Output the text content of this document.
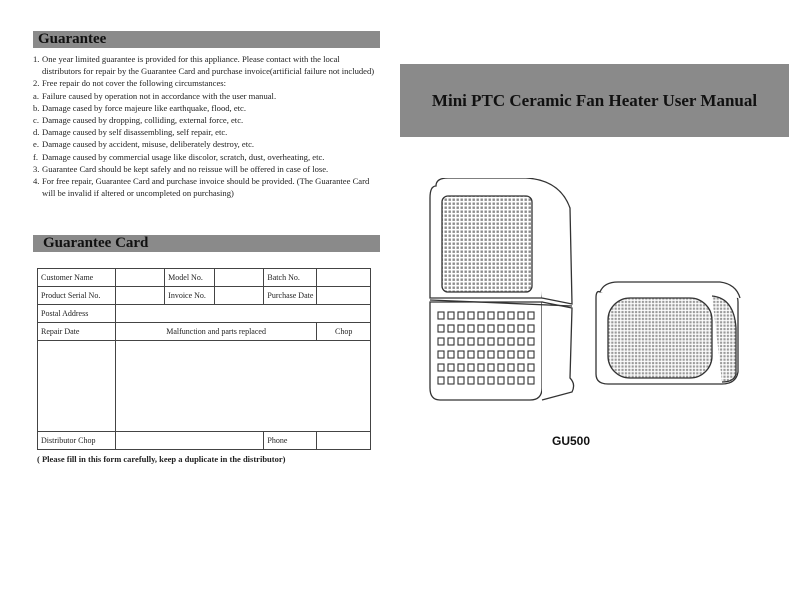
Guarantee
1. One year limited guarantee is provided for this appliance. Please contact with the local distributors for repair by the Guarantee Card and purchase invoice(artificial failure not included)
2. Free repair do not cover the following circumstances:
a. Failure caused by operation not in accordance with the user manual.
b. Damage cased by force majeure like earthquake, flood, etc.
c. Damage caused by dropping, colliding, external force, etc.
d. Damage caused by self disassembling, self repair, etc.
e. Damage caused by accident, misuse, deliberately destroy, etc.
f. Damage caused by commercial usage like discolor, scratch, dust, overheating, etc.
3. Guarantee Card should be kept safely and no reissue will be offered in case of lose.
4. For free repair, Guarantee Card and purchase invoice should be provided. (The Guarantee Card will be invalid if altered or uncompleted on purchasing)
Guarantee Card
Customer Name		Model No.		Batch No.	
Product Serial No.		Invoice No.		Purchase Date	
Postal Address					
Repair Date	Malfunction and parts replaced				Chop

Distributor Chop				Phone	
( Please fill in this form carefully, keep a duplicate in the distributor)
Mini PTC Ceramic Fan Heater User Manual
GU500
